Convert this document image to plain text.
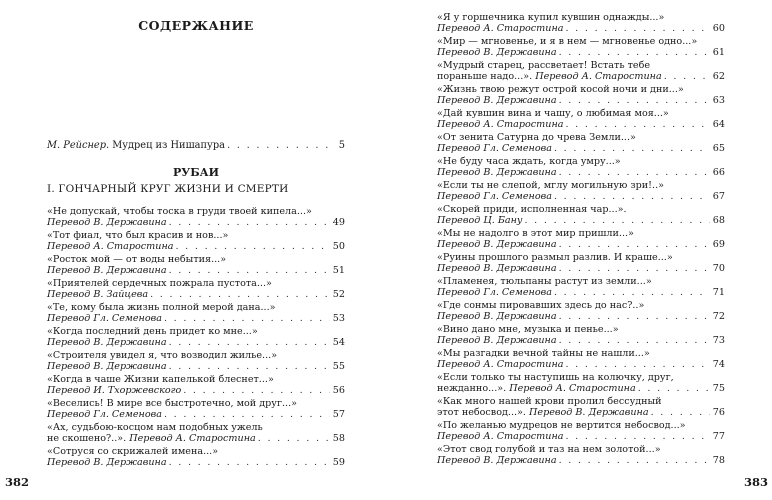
СОДЕРЖАНИЕ
М. Рейснер. Мудрец из Нишапура . . .	5
РУБАИ
I. ГОНЧАРНЫЙ КРУГ ЖИЗНИ И СМЕРТИ
«Не допускай, чтобы тоска в груди твоей кипела...»
Перевод В. Державина . . .	49
«Тот фиал, что был красив и нов...»
Перевод А. Старостина . . .	50
«Росток мой — от воды небытия...»
Перевод В. Державина . . .	51
«Приятелей сердечных пожрала пустота...»
Перевод В. Зайцева . . .	52
«Те, кому была жизнь полной мерой дана...»
Перевод Гл. Семенова . . .	53
«Когда последний день придет ко мне...»
Перевод В. Державина . . .	54
«Строителя увидел я, что возводил жилье...»
Перевод В. Державина . . .	55
«Когда в чаше Жизни капелькой блеснет...»
Перевод И. Тхоржевского . . .	56
«Веселись! В мире все быстротечно, мой друг...»
Перевод Гл. Семенова . . .	57
«Ах, судьбою-косцом нам подобных ужель
не скошено?..». Перевод А. Старостина . . .	58
«Сотруся со скрижалей имена...»
Перевод В. Державина . . .	59
382
«Я у горшечника купил кувшин однажды...»
Перевод А. Старостина . . .	60
«Мир — мгновенье, и я в нем — мгновенье одно...»
Перевод В. Державина . . .	61
«Мудрый старец, рассветает! Встать тебе
пораньше надо...». Перевод А. Старостина . . .	62
«Жизнь твою режут острой косой ночи и дни...»
Перевод В. Державина . . .	63
«Дай кувшин вина и чашу, о любимая моя...»
Перевод А. Старостина . . .	64
«От зенита Сатурна до чрева Земли...»
Перевод Гл. Семенова . . .	65
«Не буду часа ждать, когда умру...»
Перевод В. Державина . . .	66
«Если ты не слепой, мглу могильную зри!..»
Перевод Гл. Семенова . . .	67
«Скорей приди, исполненная чар...».
Перевод Ц. Бану . . .	68
«Мы не надолго в этот мир пришли...»
Перевод В. Державина . . .	69
«Руины прошлого размыл разлив. И краше...»
Перевод В. Державина . . .	70
«Пламенея, тюльпаны растут из земли...»
Перевод Гл. Семенова . . .	71
«Где сонмы пировавших здесь до нас?..»
Перевод В. Державина . . .	72
«Вино дано мне, музыка и пенье...»
Перевод В. Державина . . .	73
«Мы разгадки вечной тайны не нашли...»
Перевод А. Старостина . . .	74
«Если только ты наступишь на колючку, друг,
нежданно...». Перевод А. Старостина . . .	75
«Как много нашей крови пролил бессудный
этот небосвод...». Перевод В. Державина . . .	76
«По желанью мудрецов не вертится небосвод...»
Перевод А. Старостина . . .	77
«Этот свод голубой и таз на нем золотой...»
Перевод В. Державина . . .	78
383
